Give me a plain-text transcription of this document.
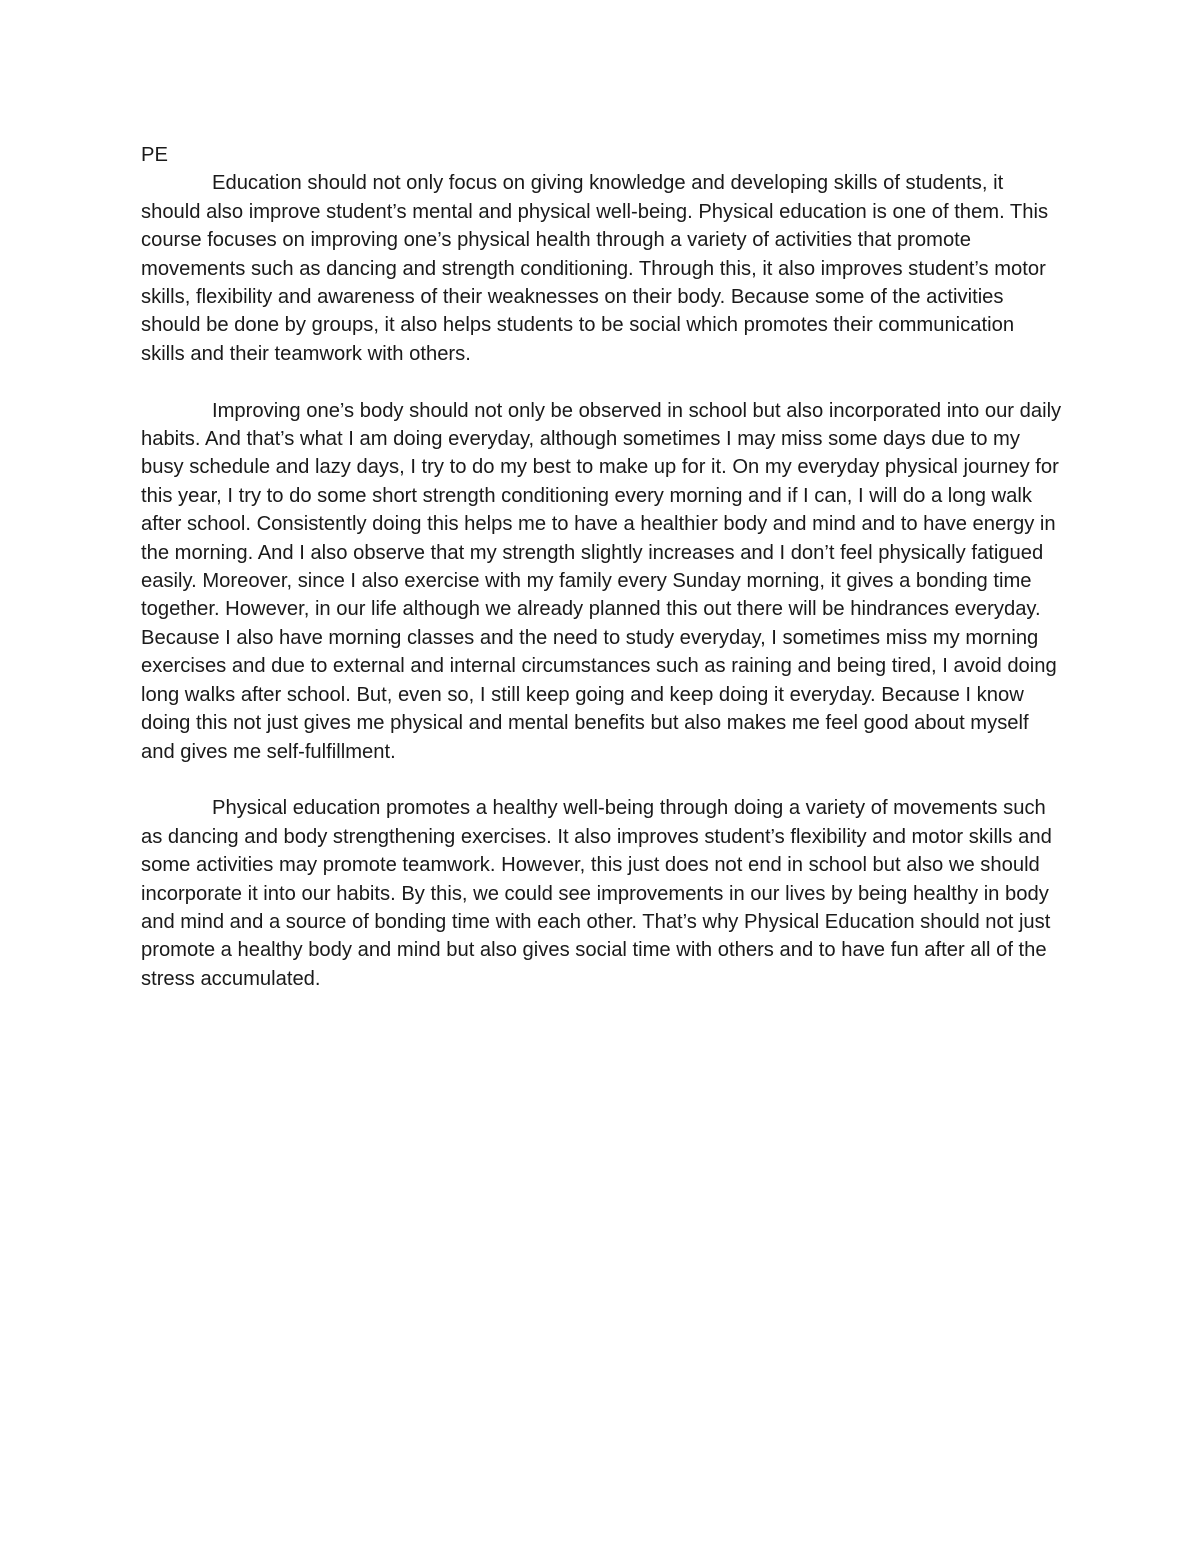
PE

Education should not only focus on giving knowledge and developing skills of students, it should also improve student’s mental and physical well-being. Physical education is one of them. This course focuses on improving one’s physical health through a variety of activities that promote movements such as dancing and strength conditioning. Through this, it also improves student’s motor skills, flexibility and awareness of their weaknesses on their body. Because some of the activities should be done by groups, it also helps students to be social which promotes their communication skills and their teamwork with others.

Improving one’s body should not only be observed in school but also incorporated into our daily habits. And that’s what I am doing everyday, although sometimes I may miss some days due to my busy schedule and lazy days, I try to do my best to make up for it. On my everyday physical journey for this year, I try to do some short strength conditioning every morning and if I can, I will do a long walk after school. Consistently doing this helps me to have a healthier body and mind and to have energy in the morning. And I also observe that my strength slightly increases and I don’t feel physically fatigued easily. Moreover, since I also exercise with my family every Sunday morning, it gives a bonding time together. However, in our life although we already planned this out there will be hindrances everyday. Because I also have morning classes and the need to study everyday, I sometimes miss my morning exercises and due to external and internal circumstances such as raining and being tired, I avoid doing long walks after school. But, even so, I still keep going and keep doing it everyday. Because I know doing this not just gives me physical and mental benefits but also makes me feel good about myself and gives me self-fulfillment.

Physical education promotes a healthy well-being through doing a variety of movements such as dancing and body strengthening exercises. It also improves student’s flexibility and motor skills and some activities may promote teamwork. However, this just does not end in school but also we should incorporate it into our habits. By this, we could see improvements in our lives by being healthy in body and mind and a source of bonding time with each other. That’s why Physical Education should not just promote a healthy body and mind but also gives social time with others and to have fun after all of the stress accumulated.
